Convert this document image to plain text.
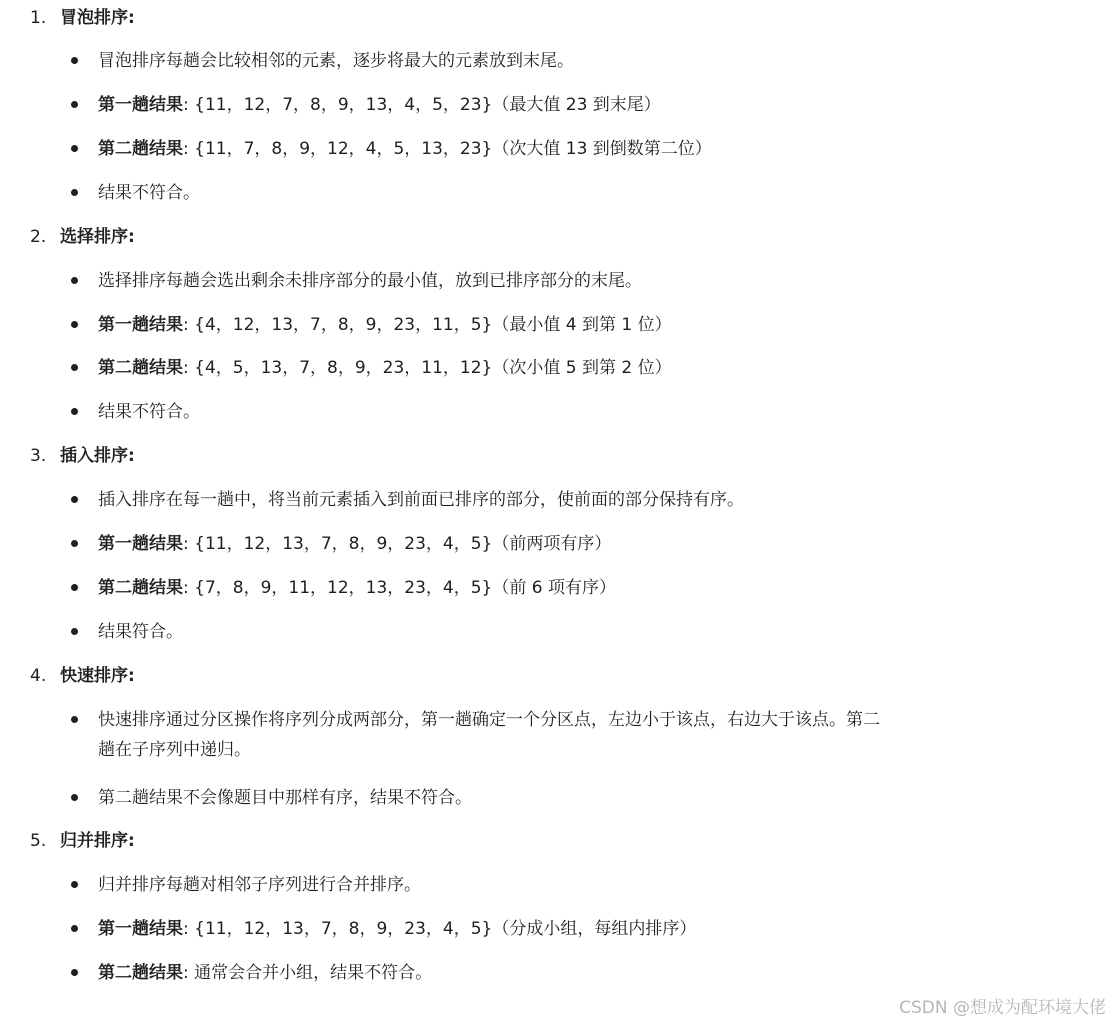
1. 冒泡排序:
冒泡排序每趟会比较相邻的元素，逐步将最大的元素放到末尾。
第一趟结果: {11，12，7，8，9，13，4，5，23}（最大值 23 到末尾）
第二趟结果: {11，7，8，9，12，4，5，13，23}（次大值 13 到倒数第二位）
结果不符合。
2. 选择排序:
选择排序每趟会选出剩余未排序部分的最小值，放到已排序部分的末尾。
第一趟结果: {4，12，13，7，8，9，23，11，5}（最小值 4 到第 1 位）
第二趟结果: {4，5，13，7，8，9，23，11，12}（次小值 5 到第 2 位）
结果不符合。
3. 插入排序:
插入排序在每一趟中，将当前元素插入到前面已排序的部分，使前面的部分保持有序。
第一趟结果: {11，12，13，7，8，9，23，4，5}（前两项有序）
第二趟结果: {7，8，9，11，12，13，23，4，5}（前 6 项有序）
结果符合。
4. 快速排序:
快速排序通过分区操作将序列分成两部分，第一趟确定一个分区点，左边小于该点，右边大于该点。第二趟在子序列中递归。
第二趟结果不会像题目中那样有序，结果不符合。
5. 归并排序:
归并排序每趟对相邻子序列进行合并排序。
第一趟结果: {11，12，13，7，8，9，23，4，5}（分成小组，每组内排序）
第二趟结果: 通常会合并小组，结果不符合。
CSDN @想成为配环境大佬
